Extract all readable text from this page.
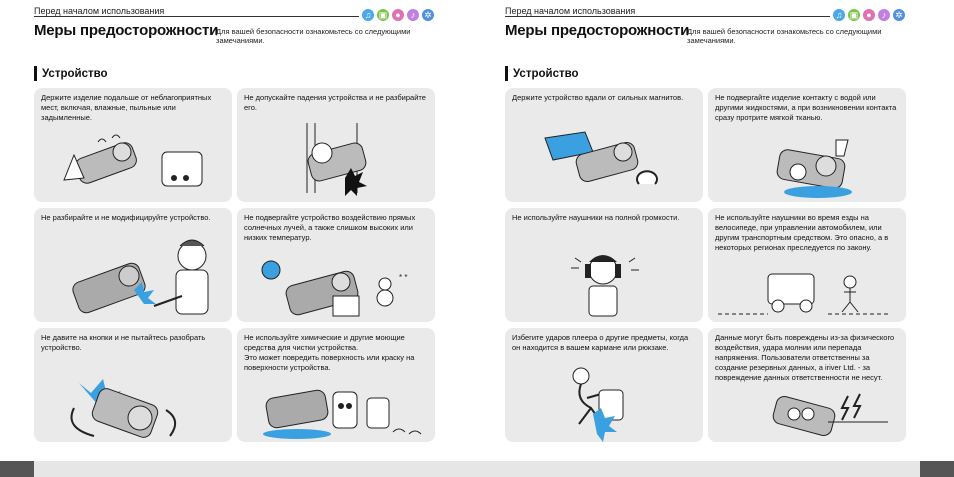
Перед началом использования	♫ ▣ ●	♪ ✲
Меры предосторожности
Для вашей безопасности ознакомьтесь со следующими замечаниями.
Устройство

Держите изделие подальше от неблагоприятных мест, включая, влажные, пыльные или задымленные.

Не допускайте падения устройства и не разбирайте его.

Не разбирайте и не модифицируйте устройство.	Не подвергайте устройство воздействию прямых солнечных лучей, а также слишком высоких или низких температур.

* *

Не давите на кнопки и не пытайтесь разобрать устройство.

Не используйте химические и другие моющие средства для чистки устройства.
Это может повредить поверхность или краску на поверхности устройства.

Перед началом использования	♫ ▣ ●	♪ ✲
Меры предосторожности
Для вашей безопасности ознакомьтесь со следующими замечаниями.
Устройство

Держите устройство вдали от сильных магнитов.	Не подвергайте изделие контакту с водой или другими жидкостями, а при возникновении контакта сразу протрите мягкой тканью.

Не используйте наушники на полной громкости.	Не используйте наушники во время езды на велосипеде, при управлении автомобилем, или другим транспортным средством. Это опасно, а в некоторых регионах преследуется по закону.

Избегите ударов плеера о другие предметы, когда он находится в вашем кармане или рюкзаке.

Данные могут быть повреждены из-за физического воздействия, удара молнии или перепада напряжения. Пользователи ответственны за создание резервных данных, а iriver Ltd. - за повреждение данных ответственности не несут.
